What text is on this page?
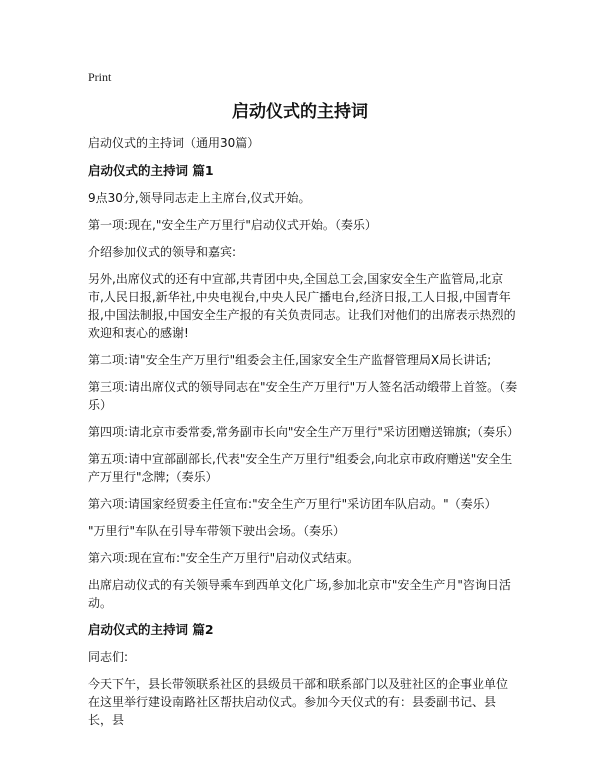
Print
启动仪式的主持词

启动仪式的主持词（通用30篇）

启动仪式的主持词 篇1

9点30分,领导同志走上主席台,仪式开始。

第一项:现在,"安全生产万里行"启动仪式开始。（奏乐）

介绍参加仪式的领导和嘉宾:

另外,出席仪式的还有中宣部,共青团中央,全国总工会,国家安全生产监管局,北京市,人民日报,新华社,中央电视台,中央人民广播电台,经济日报,工人日报,中国青年报,中国法制报,中国安全生产报的有关负责同志。让我们对他们的出席表示热烈的欢迎和衷心的感谢!

第二项:请"安全生产万里行"组委会主任,国家安全生产监督管理局X局长讲话;

第三项:请出席仪式的领导同志在"安全生产万里行"万人签名活动缎带上首签。（奏乐）

第四项:请北京市委常委,常务副市长向"安全生产万里行"采访团赠送锦旗;（奏乐）

第五项:请中宣部副部长,代表"安全生产万里行"组委会,向北京市政府赠送"安全生产万里行"念牌;（奏乐）

第六项:请国家经贸委主任宣布:"安全生产万里行"采访团车队启动。"（奏乐）

"万里行"车队在引导车带领下驶出会场。（奏乐）

第六项:现在宣布:"安全生产万里行"启动仪式结束。

出席启动仪式的有关领导乘车到西单文化广场,参加北京市"安全生产月"咨询日活动。

启动仪式的主持词 篇2

同志们:

今天下午，县长带领联系社区的县级员干部和联系部门以及驻社区的企事业单位在这里举行建设南路社区帮扶启动仪式。参加今天仪式的有：县委副书记、县长，县
